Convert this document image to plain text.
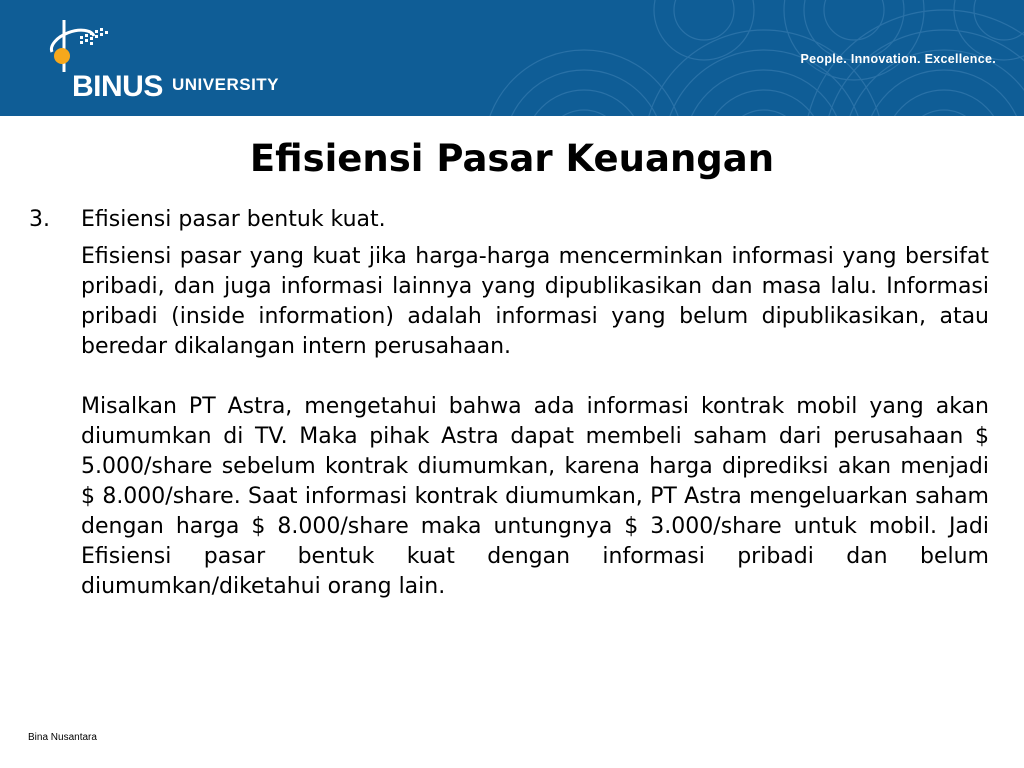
BINUS UNIVERSITY
People. Innovation. Excellence.
Efisiensi Pasar Keuangan
3.	Efisiensi pasar bentuk kuat.
Efisiensi pasar yang kuat jika harga-harga mencerminkan informasi yang bersifat pribadi, dan juga informasi lainnya yang dipublikasikan dan masa lalu. Informasi pribadi (inside information) adalah informasi yang belum dipublikasikan, atau beredar dikalangan intern perusahaan.
Misalkan PT Astra, mengetahui bahwa ada informasi kontrak mobil yang akan diumumkan di TV. Maka pihak Astra dapat membeli saham dari perusahaan $ 5.000/share sebelum kontrak diumumkan, karena harga diprediksi akan menjadi $ 8.000/share. Saat informasi kontrak diumumkan, PT Astra mengeluarkan saham dengan harga $ 8.000/share maka untungnya $ 3.000/share untuk mobil. Jadi Efisiensi pasar bentuk kuat dengan informasi pribadi dan belum diumumkan/diketahui orang lain.
Bina Nusantara
